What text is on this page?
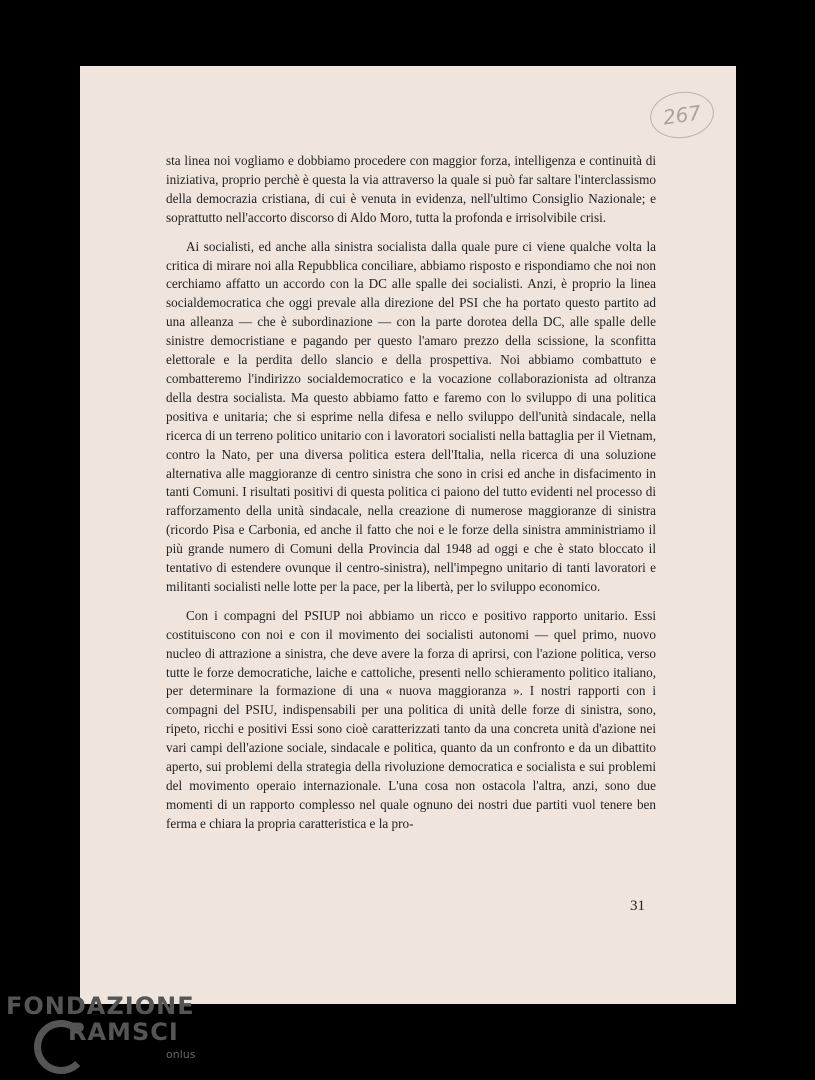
267

sta linea noi vogliamo e dobbiamo procedere con maggior forza, intelligenza e continuità di iniziativa, proprio perchè è questa la via attraverso la quale si può far saltare l'interclassismo della democrazia cristiana, di cui è venuta in evidenza, nell'ultimo Consiglio Nazionale; e soprattutto nell'accorto discorso di Aldo Moro, tutta la profonda e irrisolvibile crisi.

Ai socialisti, ed anche alla sinistra socialista dalla quale pure ci viene qualche volta la critica di mirare noi alla Repubblica conciliare, abbiamo risposto e rispondiamo che noi non cerchiamo affatto un accordo con la DC alle spalle dei socialisti. Anzi, è proprio la linea socialdemocratica che oggi prevale alla direzione del PSI che ha portato questo partito ad una alleanza — che è subordinazione — con la parte dorotea della DC, alle spalle delle sinistre democristiane e pagando per questo l'amaro prezzo della scissione, la sconfitta elettorale e la perdita dello slancio e della prospettiva. Noi abbiamo combattuto e combatteremo l'indirizzo socialdemocratico e la vocazione collaborazionista ad oltranza della destra socialista. Ma questo abbiamo fatto e faremo con lo sviluppo di una politica positiva e unitaria; che si esprime nella difesa e nello sviluppo dell'unità sindacale, nella ricerca di un terreno politico unitario con i lavoratori socialisti nella battaglia per il Vietnam, contro la Nato, per una diversa politica estera dell'Italia, nella ricerca di una soluzione alternativa alle maggioranze di centro sinistra che sono in crisi ed anche in disfacimento in tanti Comuni. I risultati positivi di questa politica ci paiono del tutto evidenti nel processo di rafforzamento della unità sindacale, nella creazione di numerose maggioranze di sinistra (ricordo Pisa e Carbonia, ed anche il fatto che noi e le forze della sinistra amministriamo il più grande numero di Comuni della Provincia dal 1948 ad oggi e che è stato bloccato il tentativo di estendere ovunque il centro-sinistra), nell'impegno unitario di tanti lavoratori e militanti socialisti nelle lotte per la pace, per la libertà, per lo sviluppo economico.

Con i compagni del PSIUP noi abbiamo un ricco e positivo rapporto unitario. Essi costituiscono con noi e con il movimento dei socialisti autonomi — quel primo, nuovo nucleo di attrazione a sinistra, che deve avere la forza di aprirsi, con l'azione politica, verso tutte le forze democratiche, laiche e cattoliche, presenti nello schieramento politico italiano, per determinare la formazione di una « nuova maggioranza ». I nostri rapporti con i compagni del PSIU, indispensabili per una politica di unità delle forze di sinistra, sono, ripeto, ricchi e positivi Essi sono cioè caratterizzati tanto da una concreta unità d'azione nei vari campi dell'azione sociale, sindacale e politica, quanto da un confronto e da un dibattito aperto, sui problemi della strategia della rivoluzione democratica e socialista e sui problemi del movimento operaio internazionale. L'una cosa non ostacola l'altra, anzi, sono due momenti di un rapporto complesso nel quale ognuno dei nostri due partiti vuol tenere ben ferma e chiara la propria caratteristica e la pro-

31
FONDAZIONE
RAMSCI
onlus
